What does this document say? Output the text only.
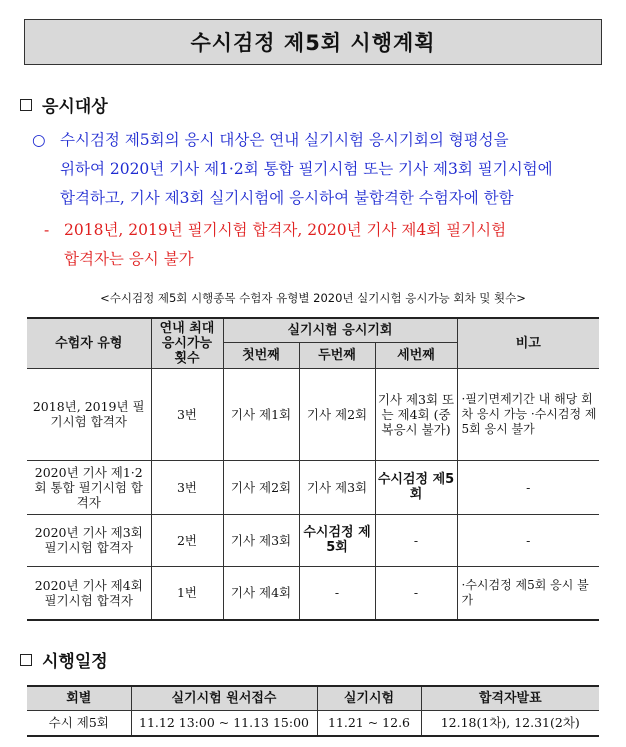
수시검정 제5회 시행계획
응시대상
○ 수시검정 제5회의 응시 대상은 연내 실기시험 응시기회의 형평성을
위하여 2020년 기사 제1·2회 통합 필기시험 또는 기사 제3회 필기시험에
합격하고, 기사 제3회 실기시험에 응시하여 불합격한 수험자에 한함
- 2018년, 2019년 필기시험 합격자, 2020년 기사 제4회 필기시험
합격자는 응시 불가
<수시검정 제5회 시행종목 수험자 유형별 2020년 실기시험 응시가능 회차 및 횟수>
수험자 유형	연내 최대 응시가능 횟수	실기시험 응시기회			비고
		첫번째	두번째	세번째	
2018년, 2019년 필기시험 합격자	3번	기사 제1회	기사 제2회	기사 제3회 또는 제4회 (중복응시 불가)	·필기면제기간 내 해당 회차 응시 가능 ·수시검정 제5회 응시 불가
2020년 기사 제1·2회 통합 필기시험 합격자	3번	기사 제2회	기사 제3회	수시검정 제5회	-
2020년 기사 제3회 필기시험 합격자	2번	기사 제3회	수시검정 제5회	-	-
2020년 기사 제4회 필기시험 합격자	1번	기사 제4회	-	-	·수시검정 제5회 응시 불가
시행일정
회별	실기시험 원서접수	실기시험	합격자발표
수시 제5회	11.12 13:00 ~ 11.13 15:00	11.21 ~ 12.6	12.18(1차), 12.31(2차)
